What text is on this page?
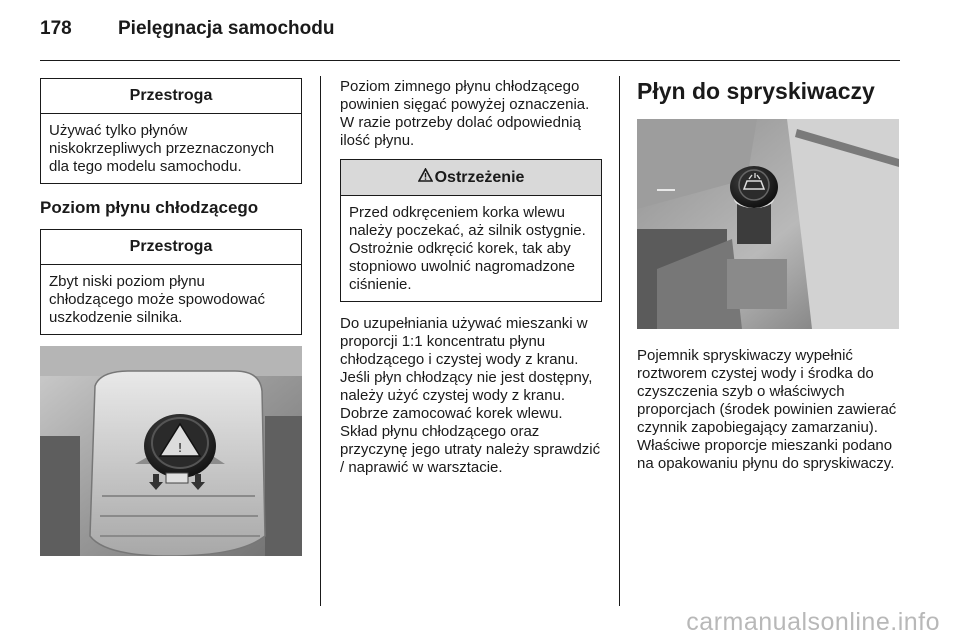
178 Pielęgnacja samochodu
Przestroga
Używać tylko płynów niskokrzepliwych przeznaczonych dla tego modelu samochodu.
Poziom płynu chłodzącego
Przestroga
Zbyt niski poziom płynu chłodzącego może spowodować uszkodzenie silnika.
!

Poziom zimnego płynu chłodzącego powinien sięgać powyżej oznaczenia. W razie potrzeby dolać odpowiednią ilość płynu.

Ostrzeżenie
Przed odkręceniem korka wlewu należy poczekać, aż silnik ostygnie. Ostrożnie odkręcić korek, tak aby stopniowo uwolnić nagromadzone ciśnienie.

Do uzupełniania używać mieszanki w proporcji 1:1 koncentratu płynu chłodzącego i czystej wody z kranu. Jeśli płyn chłodzący nie jest dostępny, należy użyć czystej wody z kranu. Dobrze zamocować korek wlewu. Skład płynu chłodzącego oraz przyczynę jego utraty należy sprawdzić / naprawić w warsztacie.

Płyn do spryskiwaczy

Pojemnik spryskiwaczy wypełnić roztworem czystej wody i środka do czyszczenia szyb o właściwych proporcjach (środek powinien zawierać czynnik zapobiegający zamarzaniu). Właściwe proporcje mieszanki podano na opakowaniu płynu do spryskiwaczy.

carmanualsonline.info
